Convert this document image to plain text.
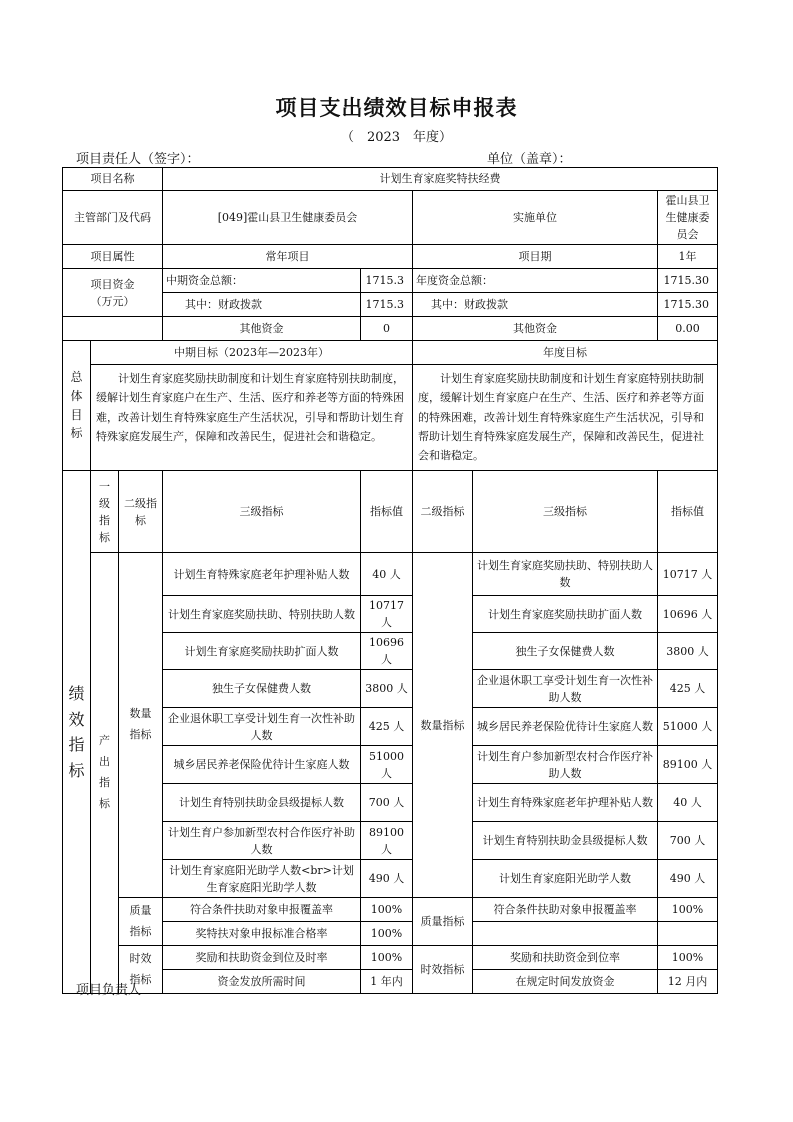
项目支出绩效目标申报表
（　2023　年度）
项目责任人（签字）：	单位（盖章）：
项目名称			计划生育家庭奖特扶经费				
主管部门及代码			[049]霍山县卫生健康委员会		实施单位		霍山县卫生健康委员会
项目属性			常年项目		项目期		1年
项目资金
（万元）			中期资金总额：	1715.3	年度资金总额：		1715.30
			其中：财政拨款	1715.3	其中：财政拨款		1715.30
			其他资金	0	其他资金		0.00
总
体
目
标	中期目标（2023年—2023年）				年度目标		
	计划生育家庭奖励扶助制度和计划生育家庭特别扶助制度，缓解计划生育家庭户在生产、生活、医疗和养老等方面的特殊困难，改善计划生育特殊家庭生产生活状况，引导和帮助计划生育特殊家庭发展生产，保障和改善民生，促进社会和谐稳定。				计划生育家庭奖励扶助制度和计划生育家庭特别扶助制度，缓解计划生育家庭户在生产、生活、医疗和养老等方面的特殊困难，改善计划生育特殊家庭生产生活状况，引导和帮助计划生育特殊家庭发展生产，保障和改善民生，促进社会和谐稳定。		
绩
效
指
标	一级指标	二级指标	三级指标	指标值	二级指标	三级指标	指标值
	产出指标	数量指标	计划生育特殊家庭老年护理补贴人数	40 人	数量指标	计划生育家庭奖励扶助、特别扶助人数	10717 人
			计划生育家庭奖励扶助、特别扶助人数	10717 人		计划生育家庭奖励扶助扩面人数	10696 人
			计划生育家庭奖励扶助扩面人数	10696 人		独生子女保健费人数	3800 人
			独生子女保健费人数	3800 人		企业退休职工享受计划生育一次性补助人数	425 人
			企业退休职工享受计划生育一次性补助人数	425 人		城乡居民养老保险优待计生家庭人数	51000 人
			城乡居民养老保险优待计生家庭人数	51000 人		计划生育户参加新型农村合作医疗补助人数	89100 人
			计划生育特别扶助金县级提标人数	700 人		计划生育特殊家庭老年护理补贴人数	40 人
			计划生育户参加新型农村合作医疗补助人数	89100 人		计划生育特别扶助金县级提标人数	700 人
			计划生育家庭阳光助学人数<br>计划生育家庭阳光助学人数	490 人		计划生育家庭阳光助学人数	490 人
		质量指标	符合条件扶助对象申报覆盖率	100%	质量指标	符合条件扶助对象申报覆盖率	100%
			奖特扶对象申报标准合格率	100%			
		时效指标	奖励和扶助资金到位及时率	100%	时效指标	奖励和扶助资金到位率	100%
			资金发放所需时间	1 年内		在规定时间发放资金	12 月内
项目负责人
